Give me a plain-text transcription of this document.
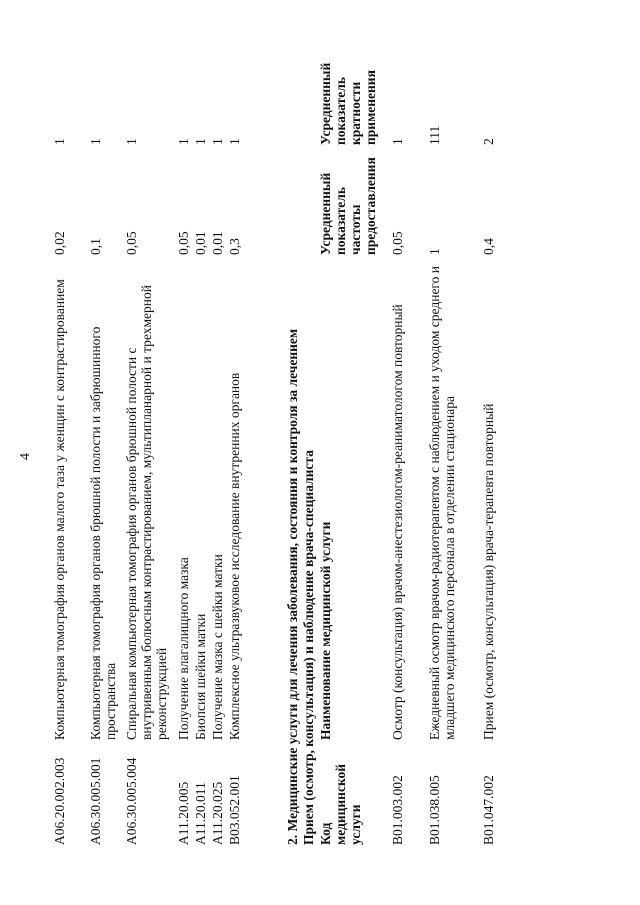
4
A06.20.002.003
Компьютерная томография органов малого таза у женщин с контрастированием
0,02
1
A06.30.005.001
Компьютерная томография органов брюшной полости и забрюшинного пространства
0,1
1
A06.30.005.004
Спиральная компьютерная томография органов брюшной полости с внутривенным болюсным контрастированием, мультипланарной и трехмерной реконструкцией
0,05
1
A11.20.005
Получение влагалищного мазка
0,05
1
A11.20.011
Биопсия шейки матки
0,01
1
A11.20.025
Получение мазка с шейки матки
0,01
1
B03.052.001
Комплексное ультразвуковое исследование внутренних органов
0,3
1
2. Медицинские услуги для лечения заболевания, состояния и контроля за лечением Прием (осмотр, консультация) и наблюдение врача-специалиста Код медицинской услуги
Наименование медицинской услуги
Усредненный показатель частоты предоставления
Усредненный показатель кратности применения
B01.003.002
Осмотр (консультация) врачом-анестезиологом-реаниматологом повторный
0,05
1
B01.038.005
Ежедневный осмотр врачом-радиотерапевтом с наблюдением и уходом среднего и младшего медицинского персонала в отделении стационара
1
111
B01.047.002
Прием (осмотр, консультация) врача-терапевта повторный
0,4
2
